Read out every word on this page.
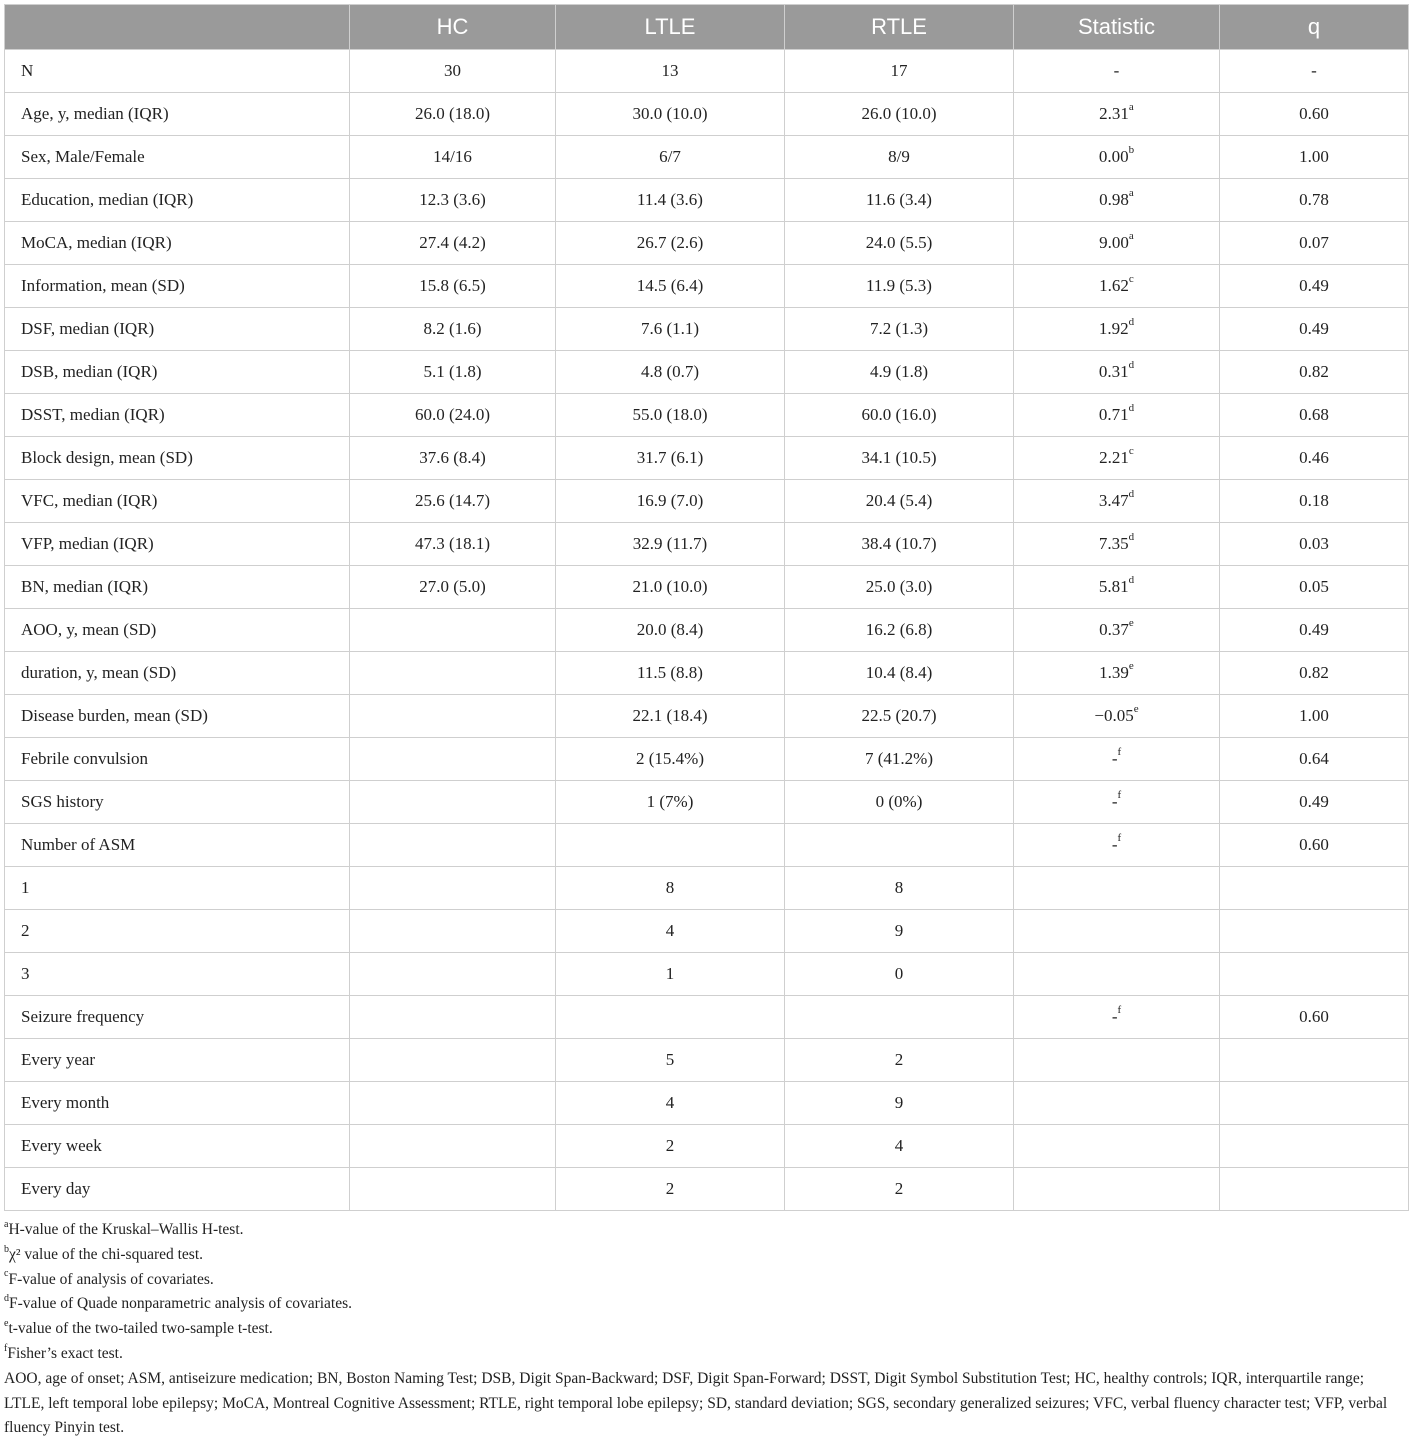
	HC	LTLE	RTLE	Statistic	q
N	30	13	17	-	-
Age, y, median (IQR)	26.0 (18.0)	30.0 (10.0)	26.0 (10.0)	2.31$^a$	0.60
Sex, Male/Female	14/16	6/7	8/9	0.00$^b$	1.00
Education, median (IQR)	12.3 (3.6)	11.4 (3.6)	11.6 (3.4)	0.98$^a$	0.78
MoCA, median (IQR)	27.4 (4.2)	26.7 (2.6)	24.0 (5.5)	9.00$^a$	0.07
Information, mean (SD)	15.8 (6.5)	14.5 (6.4)	11.9 (5.3)	1.62$^c$	0.49
DSF, median (IQR)	8.2 (1.6)	7.6 (1.1)	7.2 (1.3)	1.92$^d$	0.49
DSB, median (IQR)	5.1 (1.8)	4.8 (0.7)	4.9 (1.8)	0.31$^d$	0.82
DSST, median (IQR)	60.0 (24.0)	55.0 (18.0)	60.0 (16.0)	0.71$^d$	0.68
Block design, mean (SD)	37.6 (8.4)	31.7 (6.1)	34.1 (10.5)	2.21$^c$	0.46
VFC, median (IQR)	25.6 (14.7)	16.9 (7.0)	20.4 (5.4)	3.47$^d$	0.18
VFP, median (IQR)	47.3 (18.1)	32.9 (11.7)	38.4 (10.7)	7.35$^d$	0.03
BN, median (IQR)	27.0 (5.0)	21.0 (10.0)	25.0 (3.0)	5.81$^d$	0.05
AOO, y, mean (SD)		20.0 (8.4)	16.2 (6.8)	0.37e	0.49
duration, y, mean (SD)		11.5 (8.8)	10.4 (8.4)	1.39e	0.82
Disease burden, mean (SD)		22.1 (18.4)	22.5 (20.7)	−0.05$^e$	1.00
Febrile convulsion		2 (15.4%)	7 (41.2%)	-$^f$	0.64
SGS history		1 (7%)	0 (0%)	-$^f$	0.49
Number of ASM				-$^f$	0.60
1		8	8		
2		4	9		
3		1	0		
Seizure frequency				-$^f$	0.60
Every year		5	2		
Every month		4	9		
Every week		2	4		
Every day		2	2		

$^a$H-value of the Kruskal–Wallis H-test.

$^b$χ² value of the chi-squared test.

$^c$F-value of analysis of covariates.

$^d$F-value of Quade nonparametric analysis of covariates.

$^e$t-value of the two-tailed two-sample t-test.

$^f$Fisher’s exact test.

AOO, age of onset; ASM, antiseizure medication; BN, Boston Naming Test; DSB, Digit Span-Backward; DSF, Digit Span-Forward; DSST, Digit Symbol Substitution Test; HC, healthy controls; IQR, interquartile range; LTLE, left temporal lobe epilepsy; MoCA, Montreal Cognitive Assessment; RTLE, right temporal lobe epilepsy; SD, standard deviation; SGS, secondary generalized seizures; VFC, verbal fluency character test; VFP, verbal fluency Pinyin test.
